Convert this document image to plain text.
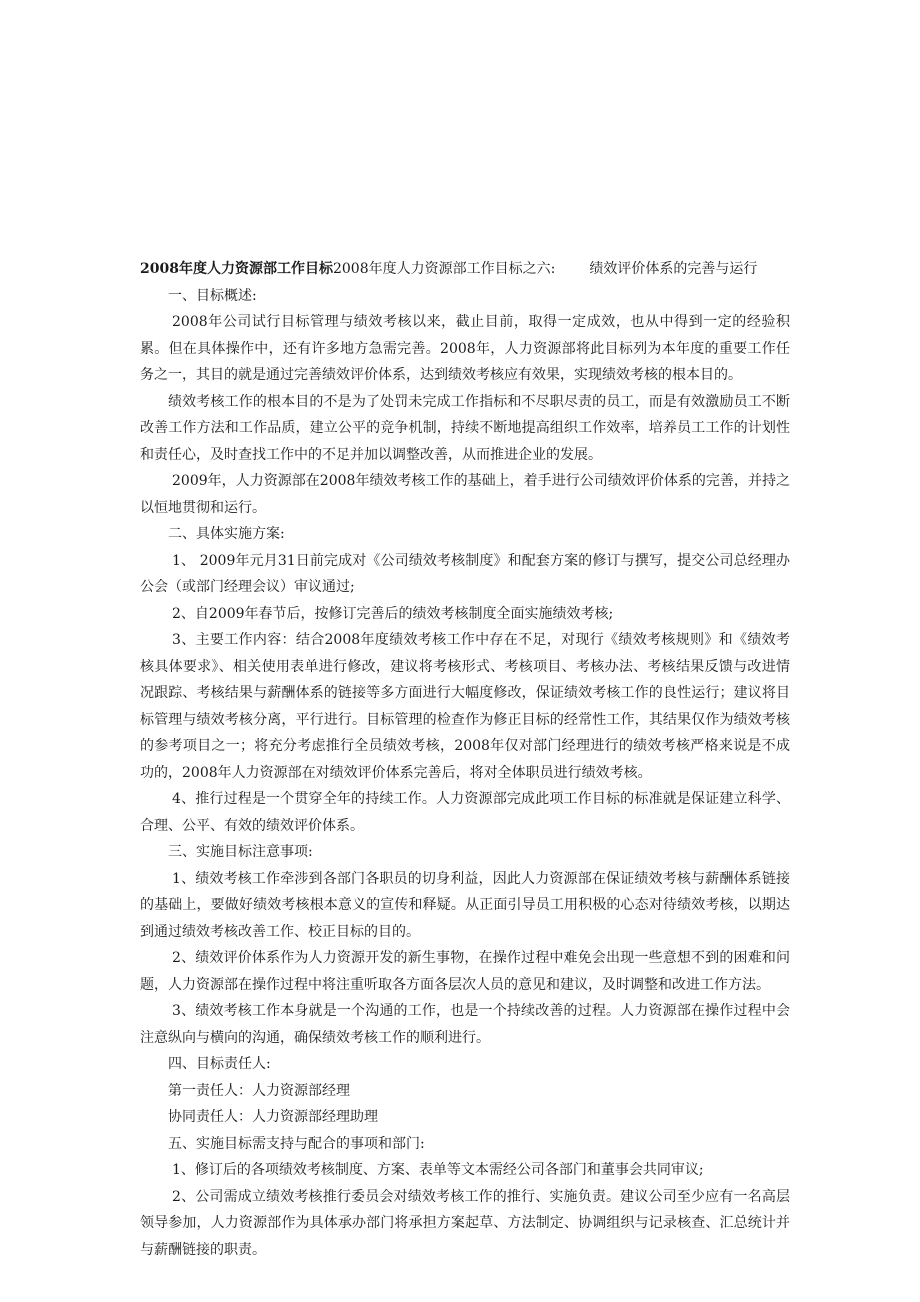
2008年度人力资源部工作目标2008年度人力资源部工作目标之六: 绩效评价体系的完善与运行

一、目标概述:

2008年公司试行目标管理与绩效考核以来，截止目前，取得一定成效，也从中得到一定的经验积累。但在具体操作中，还有许多地方急需完善。2008年，人力资源部将此目标列为本年度的重要工作任务之一，其目的就是通过完善绩效评价体系，达到绩效考核应有效果，实现绩效考核的根本目的。

绩效考核工作的根本目的不是为了处罚未完成工作指标和不尽职尽责的员工，而是有效激励员工不断改善工作方法和工作品质，建立公平的竞争机制，持续不断地提高组织工作效率，培养员工工作的计划性和责任心，及时查找工作中的不足并加以调整改善，从而推进企业的发展。

2009年，人力资源部在2008年绩效考核工作的基础上，着手进行公司绩效评价体系的完善，并持之以恒地贯彻和运行。

二、具体实施方案:

1、 2009年元月31日前完成对《公司绩效考核制度》和配套方案的修订与撰写，提交公司总经理办公会（或部门经理会议）审议通过;

2、自2009年春节后，按修订完善后的绩效考核制度全面实施绩效考核;

3、主要工作内容：结合2008年度绩效考核工作中存在不足，对现行《绩效考核规则》和《绩效考核具体要求》、相关使用表单进行修改，建议将考核形式、考核项目、考核办法、考核结果反馈与改进情况跟踪、考核结果与薪酬体系的链接等多方面进行大幅度修改，保证绩效考核工作的良性运行；建议将目标管理与绩效考核分离，平行进行。目标管理的检查作为修正目标的经常性工作，其结果仅作为绩效考核的参考项目之一；将充分考虑推行全员绩效考核，2008年仅对部门经理进行的绩效考核严格来说是不成功的，2008年人力资源部在对绩效评价体系完善后，将对全体职员进行绩效考核。

4、推行过程是一个贯穿全年的持续工作。人力资源部完成此项工作目标的标准就是保证建立科学、合理、公平、有效的绩效评价体系。

三、实施目标注意事项:

1、绩效考核工作牵涉到各部门各职员的切身利益，因此人力资源部在保证绩效考核与薪酬体系链接的基础上，要做好绩效考核根本意义的宣传和释疑。从正面引导员工用积极的心态对待绩效考核，以期达到通过绩效考核改善工作、校正目标的目的。

2、绩效评价体系作为人力资源开发的新生事物，在操作过程中难免会出现一些意想不到的困难和问题，人力资源部在操作过程中将注重听取各方面各层次人员的意见和建议，及时调整和改进工作方法。

3、绩效考核工作本身就是一个沟通的工作，也是一个持续改善的过程。人力资源部在操作过程中会注意纵向与横向的沟通，确保绩效考核工作的顺利进行。

四、目标责任人:

第一责任人：人力资源部经理

协同责任人：人力资源部经理助理

五、实施目标需支持与配合的事项和部门:

1、修订后的各项绩效考核制度、方案、表单等文本需经公司各部门和董事会共同审议;

2、公司需成立绩效考核推行委员会对绩效考核工作的推行、实施负责。建议公司至少应有一名高层领导参加，人力资源部作为具体承办部门将承担方案起草、方法制定、协调组织与记录核查、汇总统计并与薪酬链接的职责。
